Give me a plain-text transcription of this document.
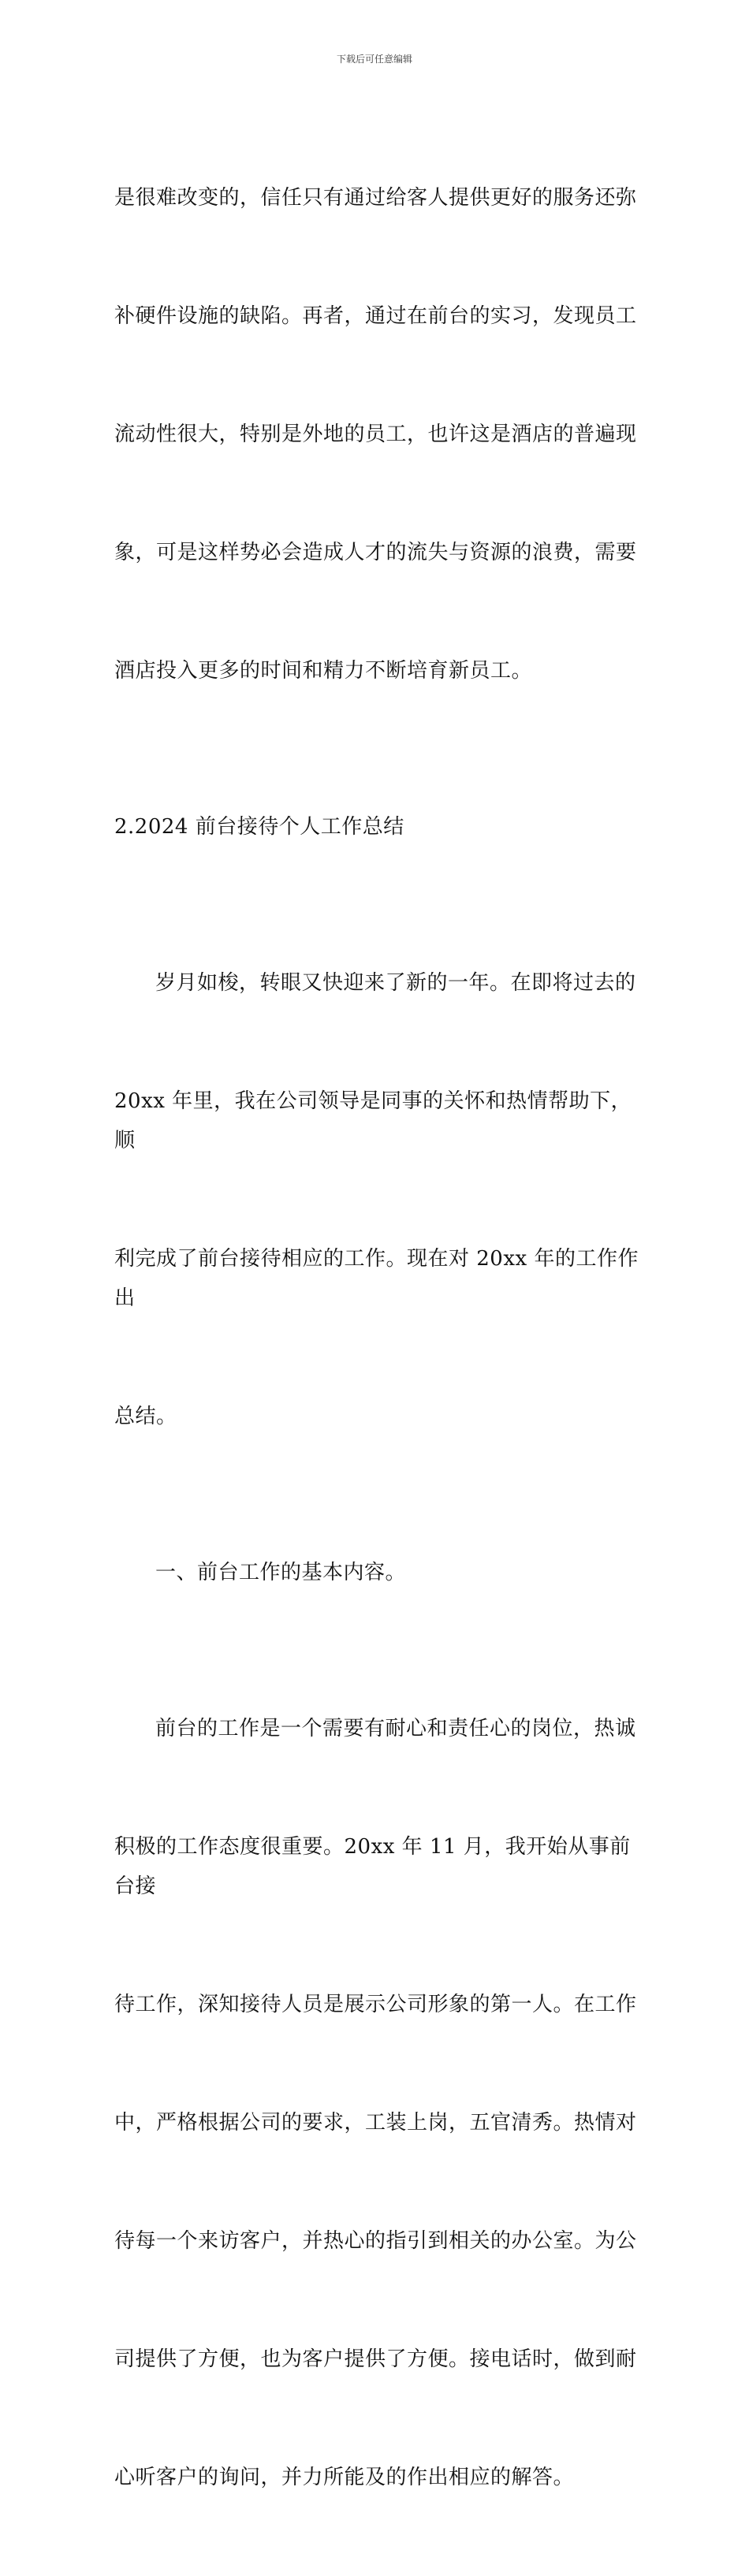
下载后可任意编辑

是很难改变的，信任只有通过给客人提供更好的服务还弥

补硬件设施的缺陷。再者，通过在前台的实习，发现员工

流动性很大，特别是外地的员工，也许这是酒店的普遍现

象，可是这样势必会造成人才的流失与资源的浪费，需要

酒店投入更多的时间和精力不断培育新员工。

2.2024 前台接待个人工作总结

岁月如梭，转眼又快迎来了新的一年。在即将过去的

20xx 年里，我在公司领导是同事的关怀和热情帮助下，顺

利完成了前台接待相应的工作。现在对 20xx 年的工作作出

总结。

一、前台工作的基本内容。

前台的工作是一个需要有耐心和责任心的岗位，热诚

积极的工作态度很重要。20xx 年 11 月，我开始从事前台接

待工作，深知接待人员是展示公司形象的第一人。在工作

中，严格根据公司的要求，工装上岗，五官清秀。热情对

待每一个来访客户，并热心的指引到相关的办公室。为公

司提供了方便，也为客户提供了方便。接电话时，做到耐

心听客户的询问，并力所能及的作出相应的解答。
